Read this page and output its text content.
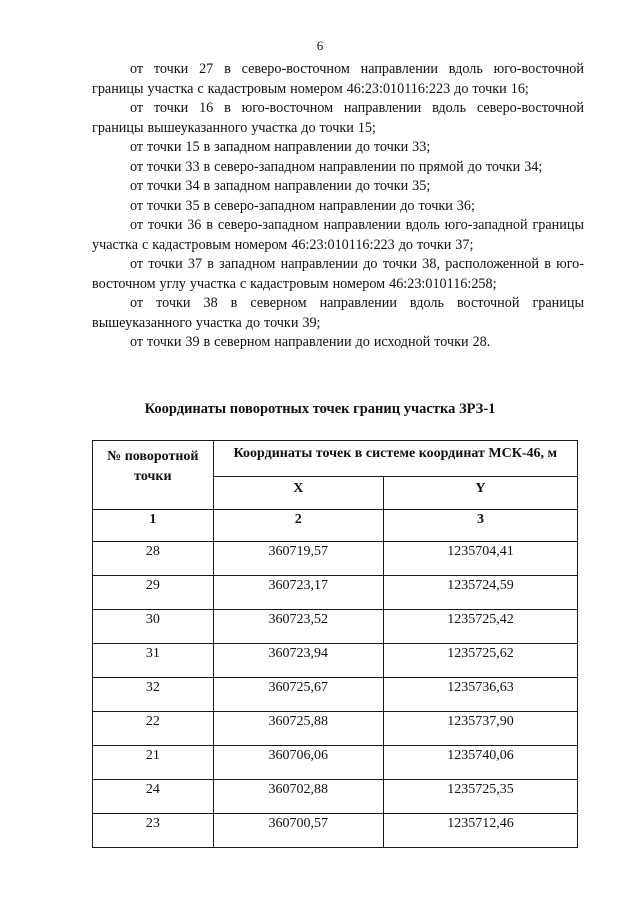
6

от точки 27 в северо-восточном направлении вдоль юго-восточной границы участка с кадастровым номером 46:23:010116:223 до точки 16;

от точки 16 в юго-восточном направлении вдоль северо-восточной границы вышеуказанного участка до точки 15;

от точки 15 в западном направлении до точки 33;

от точки 33 в северо-западном направлении по прямой до точки 34;

от точки 34 в западном направлении до точки 35;

от точки 35 в северо-западном направлении до точки 36;

от точки 36 в северо-западном направлении вдоль юго-западной границы участка с кадастровым номером 46:23:010116:223 до точки 37;

от точки 37 в западном направлении до точки 38, расположенной в юго-восточном углу участка с кадастровым номером 46:23:010116:258;

от точки 38 в северном направлении вдоль восточной границы вышеуказанного участка до точки 39;

от точки 39 в северном направлении до исходной точки 28.

Координаты поворотных точек границ участка ЗРЗ-1
№ поворотной точки	Координаты точек в системе координат МСК-46, м	
	X	Y
1	2	3
28	360719,57	1235704,41
29	360723,17	1235724,59
30	360723,52	1235725,42
31	360723,94	1235725,62
32	360725,67	1235736,63
22	360725,88	1235737,90
21	360706,06	1235740,06
24	360702,88	1235725,35
23	360700,57	1235712,46
